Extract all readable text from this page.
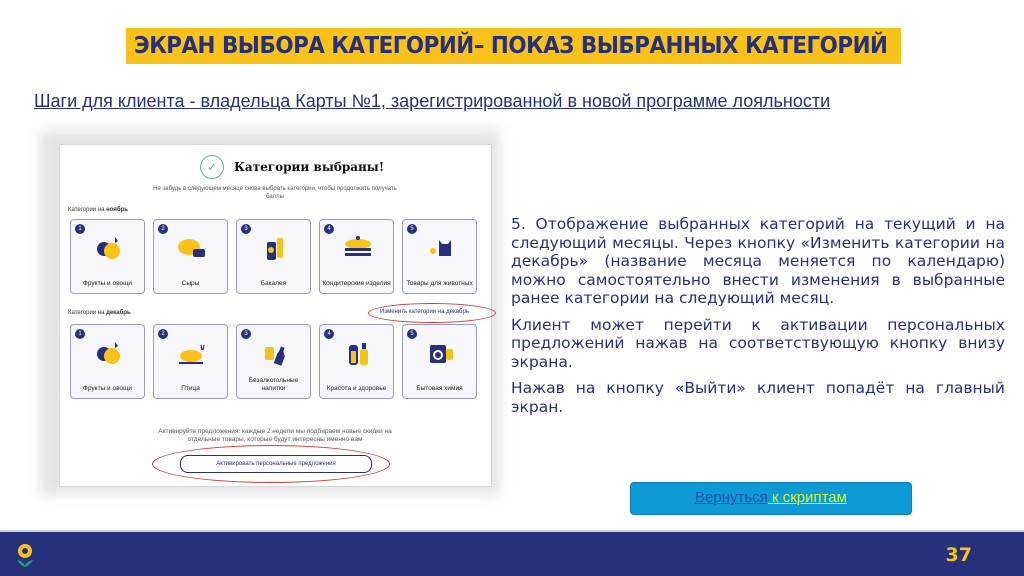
ЭКРАН ВЫБОРА КАТЕГОРИЙ– ПОКАЗ ВЫБРАННЫХ КАТЕГОРИЙ
Шаги для клиента - владельца Карты №1, зарегистрированной в новой программе лояльности
✓	Категории выбраны!
Не забудь в следующем месяце снова выбрать категории, чтобы продолжить получать баллы
Категории на ноябрь
1
Фрукты и овощи
2
Сыры
3
Бакалея
4
Кондитерские изделия
5
Товары для животных
Категории на декабрь	Изменить категории на декабрь
1
Фрукты и овощи
2
Птица
3
Безалкогольные напитки
4
Красота и здоровье
5
Бытовая химия
Активируйте предложения: каждые 2 недели мы подбираем новые скидки на отдельные товары, которые будут интересны именно вам
Активировать персональные предложения

5. Отображение выбранных категорий на текущий и на следующий месяцы. Через кнопку «Изменить категории на декабрь» (название месяца меняется по календарю) можно самостоятельно внести изменения в выбранные ранее категории на следующий месяц.

Клиент может перейти к активации персональных предложений нажав на соответствующую кнопку внизу экрана.

Нажав на кнопку «Выйти» клиент попадёт на главный экран.

Вернуться к скриптам
37
